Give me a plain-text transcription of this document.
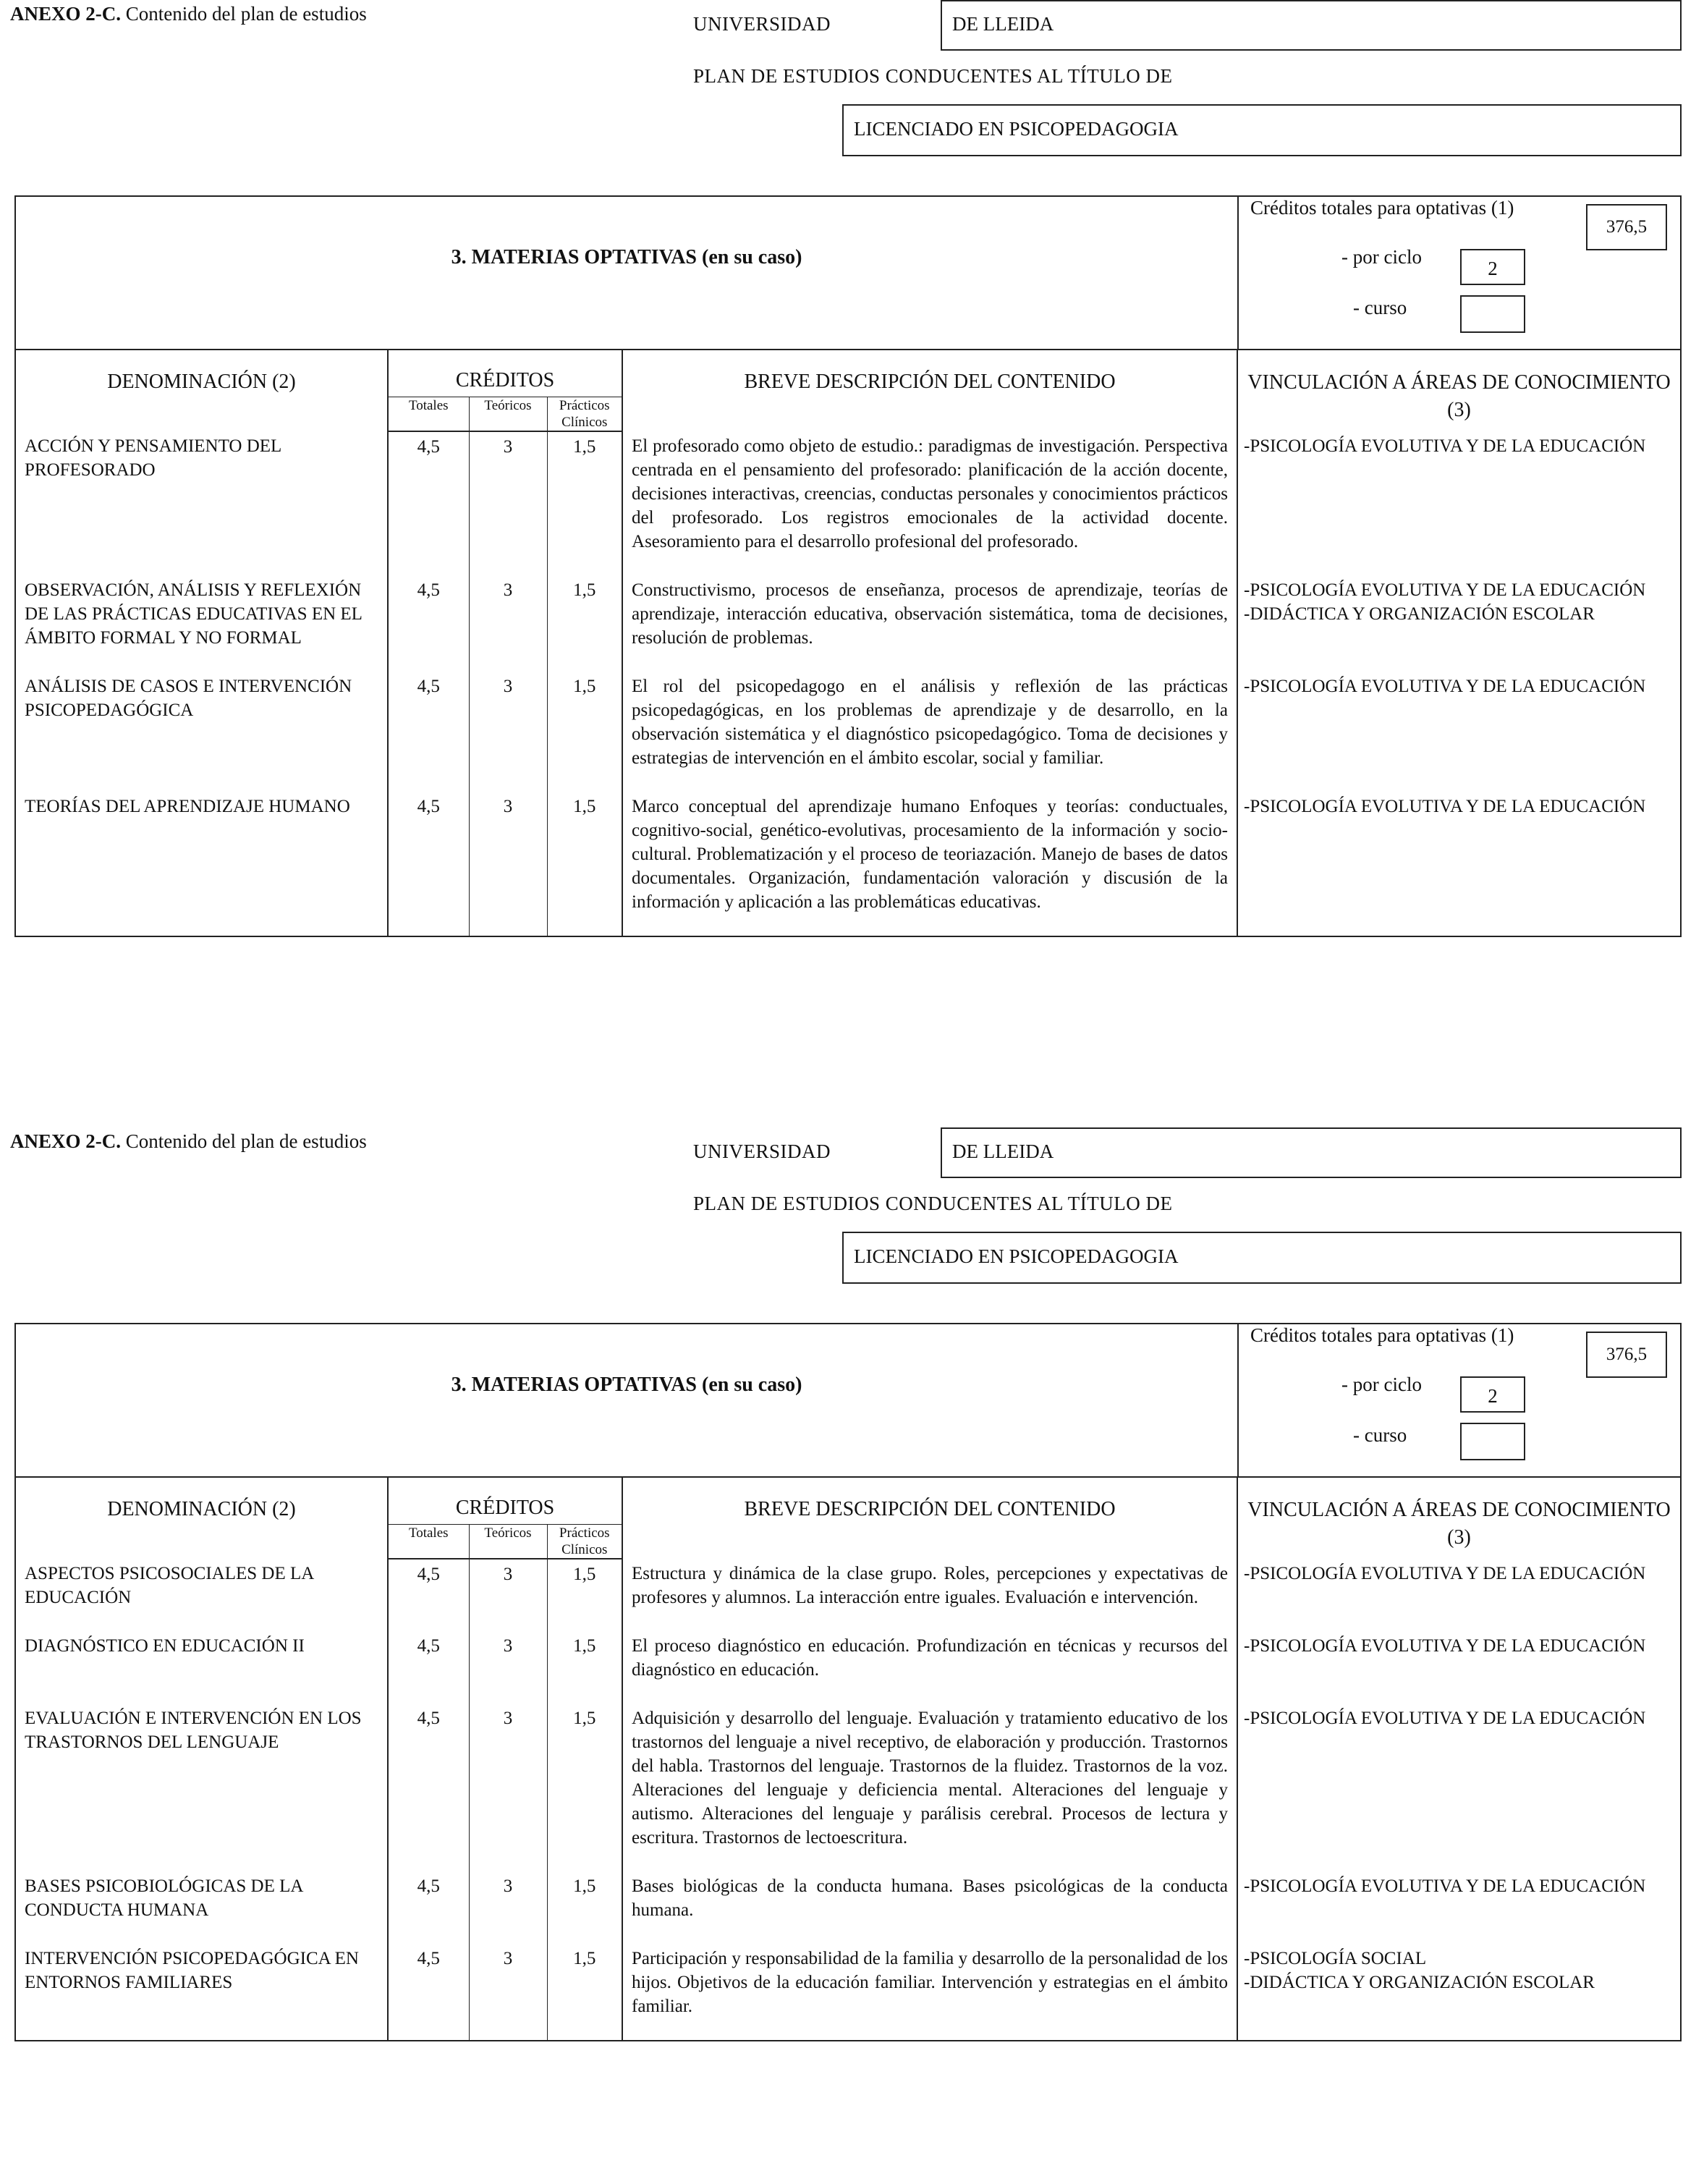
ANEXO 2-C. Contenido del plan de estudios	UNIVERSIDAD	DE LLEIDA
PLAN DE ESTUDIOS CONDUCENTES AL TÍTULO DE
LICENCIADO EN PSICOPEDAGOGIA
3. MATERIAS OPTATIVAS (en su caso)
Créditos totales para optativas (1)
376,5
- por ciclo
2
- curso
DENOMINACIÓN (2)	CRÉDITOS			BREVE DESCRIPCIÓN DEL CONTENIDO	VINCULACIÓN A ÁREAS DE CONOCIMIENTO (3)
	Totales	Teóricos	Prácticos Clínicos		
ACCIÓN Y PENSAMIENTO DEL PROFESORADO	4,5	3	1,5	El profesorado como objeto de estudio.: paradigmas de investigación. Perspectiva centrada en el pensamiento del profesorado: planificación de la acción docente, decisiones interactivas, creencias, conductas personales y conocimientos prácticos del profesorado. Los registros emocionales de la actividad docente. Asesoramiento para el desarrollo profesional del profesorado.	-PSICOLOGÍA EVOLUTIVA Y DE LA EDUCACIÓN
OBSERVACIÓN, ANÁLISIS Y REFLEXIÓN DE LAS PRÁCTICAS EDUCATIVAS EN EL ÁMBITO FORMAL Y NO FORMAL	4,5	3	1,5	Constructivismo, procesos de enseñanza, procesos de aprendizaje, teorías de aprendizaje, interacción educativa, observación sistemática, toma de decisiones, resolución de problemas.	-PSICOLOGÍA EVOLUTIVA Y DE LA EDUCACIÓN
-DIDÁCTICA Y ORGANIZACIÓN ESCOLAR
ANÁLISIS DE CASOS E INTERVENCIÓN PSICOPEDAGÓGICA	4,5	3	1,5	El rol del psicopedagogo en el análisis y reflexión de las prácticas psicopedagógicas, en los problemas de aprendizaje y de desarrollo, en la observación sistemática y el diagnóstico psicopedagógico. Toma de decisiones y estrategias de intervención en el ámbito escolar, social y familiar.	-PSICOLOGÍA EVOLUTIVA Y DE LA EDUCACIÓN
TEORÍAS DEL APRENDIZAJE HUMANO	4,5	3	1,5	Marco conceptual del aprendizaje humano Enfoques y teorías: conductuales, cognitivo-social, genético-evolutivas, procesamiento de la información y socio-cultural. Problematización y el proceso de teoriazación. Manejo de bases de datos documentales. Organización, fundamentación valoración y discusión de la información y aplicación a las problemáticas educativas.	-PSICOLOGÍA EVOLUTIVA Y DE LA EDUCACIÓN
ANEXO 2-C. Contenido del plan de estudios	UNIVERSIDAD	DE LLEIDA
PLAN DE ESTUDIOS CONDUCENTES AL TÍTULO DE
LICENCIADO EN PSICOPEDAGOGIA
3. MATERIAS OPTATIVAS (en su caso)
Créditos totales para optativas (1)
376,5
- por ciclo
2
- curso
DENOMINACIÓN (2)	CRÉDITOS			BREVE DESCRIPCIÓN DEL CONTENIDO	VINCULACIÓN A ÁREAS DE CONOCIMIENTO (3)
	Totales	Teóricos	Prácticos Clínicos		
ASPECTOS PSICOSOCIALES DE LA EDUCACIÓN	4,5	3	1,5	Estructura y dinámica de la clase grupo. Roles, percepciones y expectativas de profesores y alumnos. La interacción entre iguales. Evaluación e intervención.	-PSICOLOGÍA EVOLUTIVA Y DE LA EDUCACIÓN
DIAGNÓSTICO EN EDUCACIÓN II	4,5	3	1,5	El proceso diagnóstico en educación. Profundización en técnicas y recursos del diagnóstico en educación.	-PSICOLOGÍA EVOLUTIVA Y DE LA EDUCACIÓN
EVALUACIÓN E INTERVENCIÓN EN LOS TRASTORNOS DEL LENGUAJE	4,5	3	1,5	Adquisición y desarrollo del lenguaje. Evaluación y tratamiento educativo de los trastornos del lenguaje a nivel receptivo, de elaboración y producción. Trastornos del habla. Trastornos del lenguaje. Trastornos de la fluidez. Trastornos de la voz. Alteraciones del lenguaje y deficiencia mental. Alteraciones del lenguaje y autismo. Alteraciones del lenguaje y parálisis cerebral. Procesos de lectura y escritura. Trastornos de lectoescritura.	-PSICOLOGÍA EVOLUTIVA Y DE LA EDUCACIÓN
BASES PSICOBIOLÓGICAS DE LA CONDUCTA HUMANA	4,5	3	1,5	Bases biológicas de la conducta humana. Bases psicológicas de la conducta humana.	-PSICOLOGÍA EVOLUTIVA Y DE LA EDUCACIÓN
INTERVENCIÓN PSICOPEDAGÓGICA EN ENTORNOS FAMILIARES	4,5	3	1,5	Participación y responsabilidad de la familia y desarrollo de la personalidad de los hijos. Objetivos de la educación familiar. Intervención y estrategias en el ámbito familiar.	-PSICOLOGÍA SOCIAL
-DIDÁCTICA Y ORGANIZACIÓN ESCOLAR
